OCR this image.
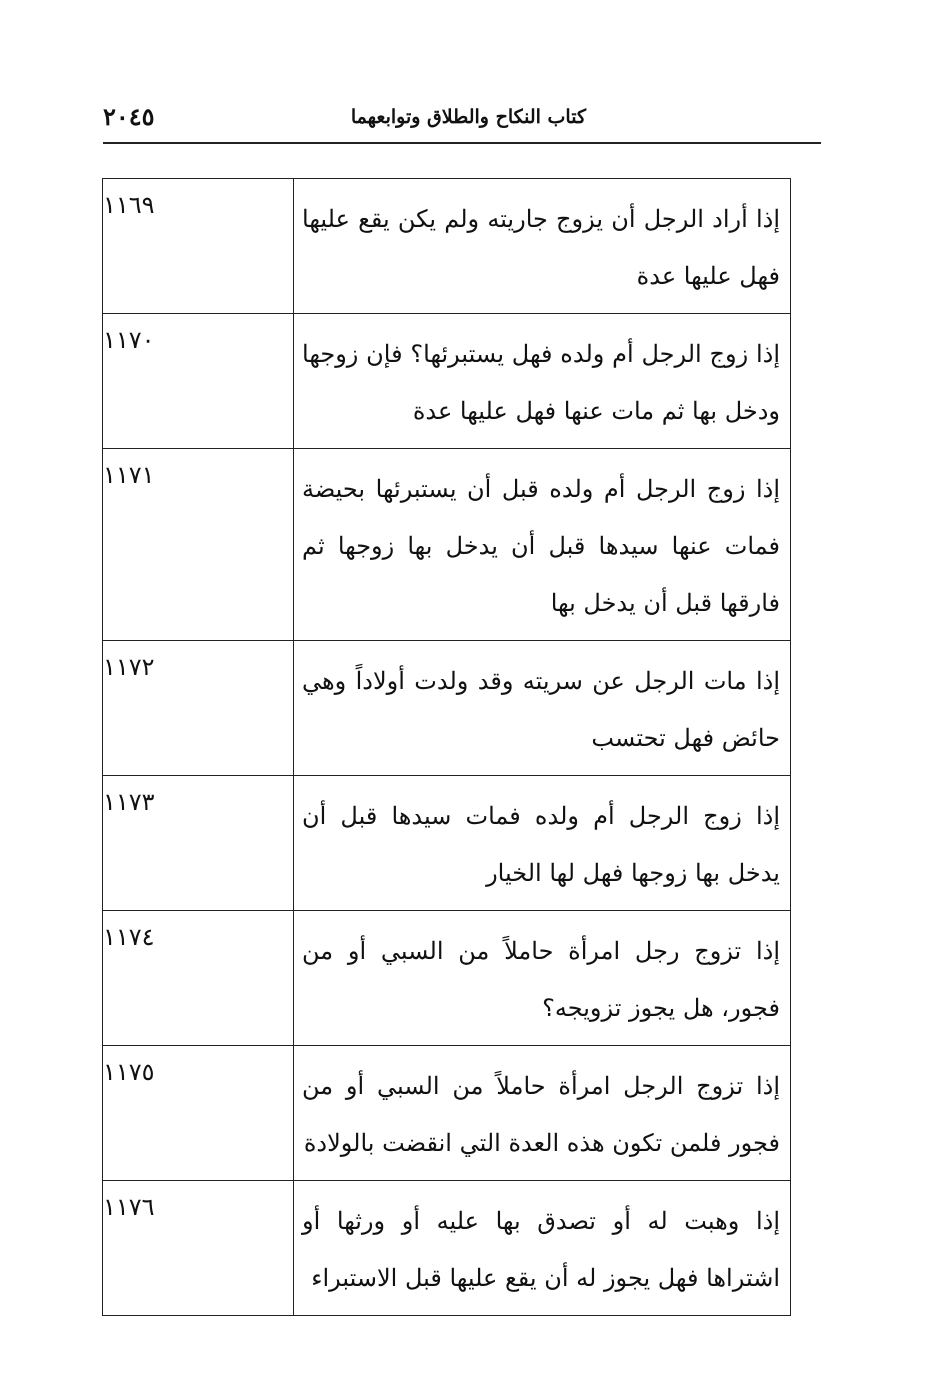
٢٠٤٥	كتاب النكاح والطلاق وتوابعهما
إذا أراد الرجل أن يزوج جاريته ولم يكن يقع عليها فهل عليها عدة	١١٦٩
إذا زوج الرجل أم ولده فهل يستبرئها؟ فإن زوجها ودخل بها ثم مات عنها فهل عليها عدة	١١٧٠
إذا زوج الرجل أم ولده قبل أن يستبرئها بحيضة فمات عنها سيدها قبل أن يدخل بها زوجها ثم فارقها قبل أن يدخل بها	١١٧١
إذا مات الرجل عن سريته وقد ولدت أولاداً وهي حائض فهل تحتسب	١١٧٢
إذا زوج الرجل أم ولده فمات سيدها قبل أن يدخل بها زوجها فهل لها الخيار	١١٧٣
إذا تزوج رجل امرأة حاملاً من السبي أو من فجور، هل يجوز تزويجه؟	١١٧٤
إذا تزوج الرجل امرأة حاملاً من السبي أو من فجور فلمن تكون هذه العدة التي انقضت بالولادة	١١٧٥
إذا وهبت له أو تصدق بها عليه أو ورثها أو اشتراها فهل يجوز له أن يقع عليها قبل الاستبراء	١١٧٦
